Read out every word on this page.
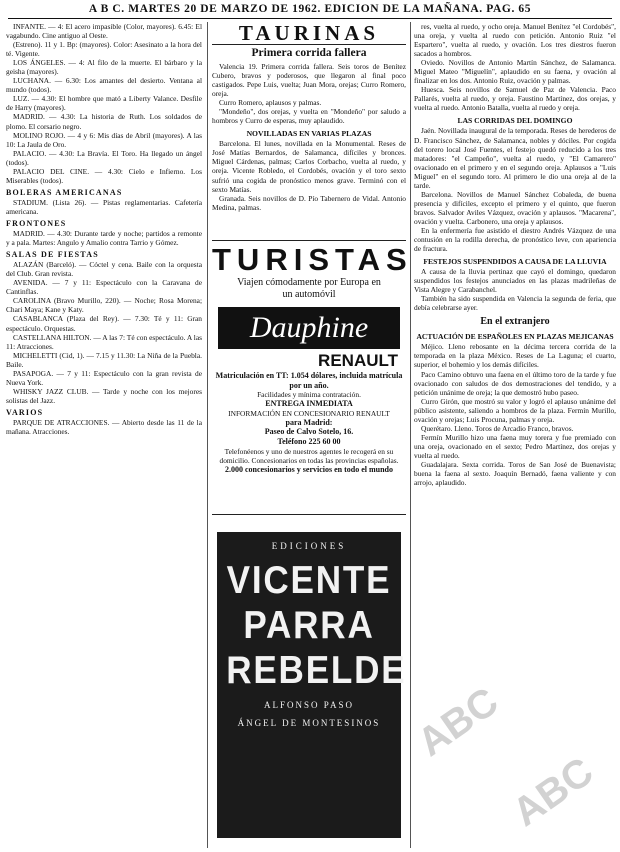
A B C. MARTES 20 DE MARZO DE 1962. EDICION DE LA MAÑANA. PAG. 65

INFANTE. — 4: El acero impasible (Color, mayores). 6.45: El vagabundo. Cine antiguo al Oeste.

(Estreno). 11 y 1. Bp: (mayores). Color: Asesinato a la hora del té. Vigente.

LOS ÁNGELES. — 4: Al filo de la muerte. El bárbaro y la geisha (mayores).

LUCHANA. — 6.30: Los amantes del desierto. Ventana al mundo (todos).

LUZ. — 4.30: El hombre que mató a Liberty Valance. Desfile de Harry (mayores).

MADRID. — 4.30: La historia de Ruth. Los soldados de plomo. El corsario negro.

MOLINO ROJO. — 4 y 6: Mis días de Abril (mayores). A las 10: La Jaula de Oro.

PALACIO. — 4.30: La Bravía. El Toro. Ha llegado un ángel (todos).

PALACIO DEL CINE. — 4.30: Cielo e Infierno. Los Miserables (todos).

BOLERAS AMERICANAS

STADIUM. (Lista 26). — Pistas reglamentarias. Cafetería americana.

FRONTONES

MADRID. — 4.30: Durante tarde y noche; partidos a remonte y a pala. Martes: Angulo y Amalio contra Tarrio y Gómez.

SALAS DE FIESTAS

ALAZÁN (Barceló). — Cóctel y cena. Baile con la orquesta del Club. Gran revista.

AVENIDA. — 7 y 11: Espectáculo con la Caravana de Cantinflas.

CAROLINA (Bravo Murillo, 220). — Noche; Rosa Morena; Chari Maya; Kane y Katy.

CASABLANCA (Plaza del Rey). — 7.30: Té y 11: Gran espectáculo. Orquestas.

CASTELLANA HILTON. — A las 7: Té con espectáculo. A las 11: Atracciones.

MICHELETTI (Cid, 1). — 7.15 y 11.30: La Niña de la Puebla. Baile.

PASAPOGA. — 7 y 11: Espectáculo con la gran revista de Nueva York.

WHISKY JAZZ CLUB. — Tarde y noche con los mejores solistas del Jazz.

VARIOS

PARQUE DE ATRACCIONES. — Abierto desde las 11 de la mañana. Atracciones.

TAURINAS
Primera corrida fallera

Valencia 19. Primera corrida fallera. Seis toros de Benítez Cubero, bravos y poderosos, que llegaron al final poco castigados. Pepe Luis, vuelta; Juan Mora, orejas; Curro Romero, oreja.

Curro Romero, aplausos y palmas.

"Mondeño", dos orejas, y vuelta en "Mondeño" por saludo a hombros y Curro de esperas, muy aplaudido.

NOVILLADAS EN VARIAS PLAZAS

Barcelona. El lunes, novillada en la Monumental. Reses de José Matías Bernardos, de Salamanca, difíciles y bronces. Miguel Cárdenas, palmas; Carlos Corbacho, vuelta al ruedo, y oreja. Vicente Robledo, el Cordobés, ovación y el toro sexto sufrió una cogida de pronóstico menos grave. Terminó con el sexto Matías.

Granada. Seis novillos de D. Pío Tabernero de Vidal. Antonio Medina, palmas.

TURISTAS
Viajen cómodamente por Europa en
un automóvil
Dauphine
RENAULT
Matriculación en TT: 1.054 dólares, incluida matrícula por un año.
Facilidades y mínima contratación.
ENTREGA INMEDIATA
INFORMACIÓN EN CONCESIONARIO RENAULT
para Madrid:
Paseo de Calvo Sotelo, 16.
Teléfono 225 60 00
Telefonéenos y uno de nuestros agentes le recogerá en su domicilio. Concesionarios en todas las provincias españolas.
2.000 concesionarios y servicios en todo el mundo
EDICIONES
VICENTE
PARRA
REBELDE
ALFONSO PASO
ÁNGEL DE MONTESINOS

res, vuelta al ruedo, y ocho oreja. Manuel Benítez "el Cordobés", una oreja, y vuelta al ruedo con petición. Antonio Ruiz "el Espartero", vuelta al ruedo, y ovación. Los tres diestros fueron sacados a hombros.

Oviedo. Novillos de Antonio Martín Sánchez, de Salamanca. Miguel Mateo "Miguelín", aplaudido en su faena, y ovación al finalizar en los dos. Antonio Ruiz, ovación y palmas.

Huesca. Seis novillos de Samuel de Paz de Valencia. Paco Pallarés, vuelta al ruedo, y oreja. Faustino Martínez, dos orejas, y vuelta al ruedo. Antonio Batalla, vuelta al ruedo y oreja.

LAS CORRIDAS DEL DOMINGO

Jaén. Novillada inaugural de la temporada. Reses de herederos de D. Francisco Sánchez, de Salamanca, nobles y dóciles. Por cogida del torero local José Fuentes, el festejo quedó reducido a los tres matadores: "el Campeño", vuelta al ruedo, y "El Camarero" ovacionado en el primero y en el segundo oreja. Aplausos a "Luis Miguel" en el segundo toro. Al primero le dio una oreja al de la tarde.

Barcelona. Novillos de Manuel Sánchez Cobaleda, de buena presencia y difíciles, excepto el primero y el quinto, que fueron bravos. Salvador Aviles Vázquez, ovación y aplausos. "Macarena", ovación y vuelta. Carbonero, una oreja y aplausos.

En la enfermería fue asistido el diestro Andrés Vázquez de una contusión en la rodilla derecha, de pronóstico leve, con apariencia de fractura.

FESTEJOS SUSPENDIDOS A CAUSA DE LA LLUVIA

A causa de la lluvia pertinaz que cayó el domingo, quedaron suspendidos los festejos anunciados en las plazas madrileñas de Vista Alegre y Carabanchel.

También ha sido suspendida en Valencia la segunda de feria, que debía celebrarse ayer.

En el extranjero
ACTUACIÓN DE ESPAÑOLES EN PLAZAS MEJICANAS

Méjico. Lleno rebosante en la décima tercera corrida de la temporada en la plaza México. Reses de La Laguna; el cuarto, superior, el bohemio y los demás difíciles.

Paco Camino obtuvo una faena en el último toro de la tarde y fue ovacionado con saludos de dos demostraciones del tendido, y a petición unánime de oreja; la que demostró hubo paseo.

Curro Girón, que mostró su valor y logró el aplauso unánime del público asistente, saliendo a hombros de la plaza. Fermín Murillo, ovación y orejas; Luis Procuna, palmas y oreja.

Querétaro. Lleno. Toros de Arcadio Franco, bravos.

Fermín Murillo hizo una faena muy torera y fue premiado con una oreja, ovacionado en el sexto; Pedro Martínez, dos orejas y vuelta al ruedo.

Guadalajara. Sexta corrida. Toros de San José de Buenavista; buena la faena al sexto. Joaquín Bernadó, faena valiente y con arrojo, aplaudido.

ABC
ABC
